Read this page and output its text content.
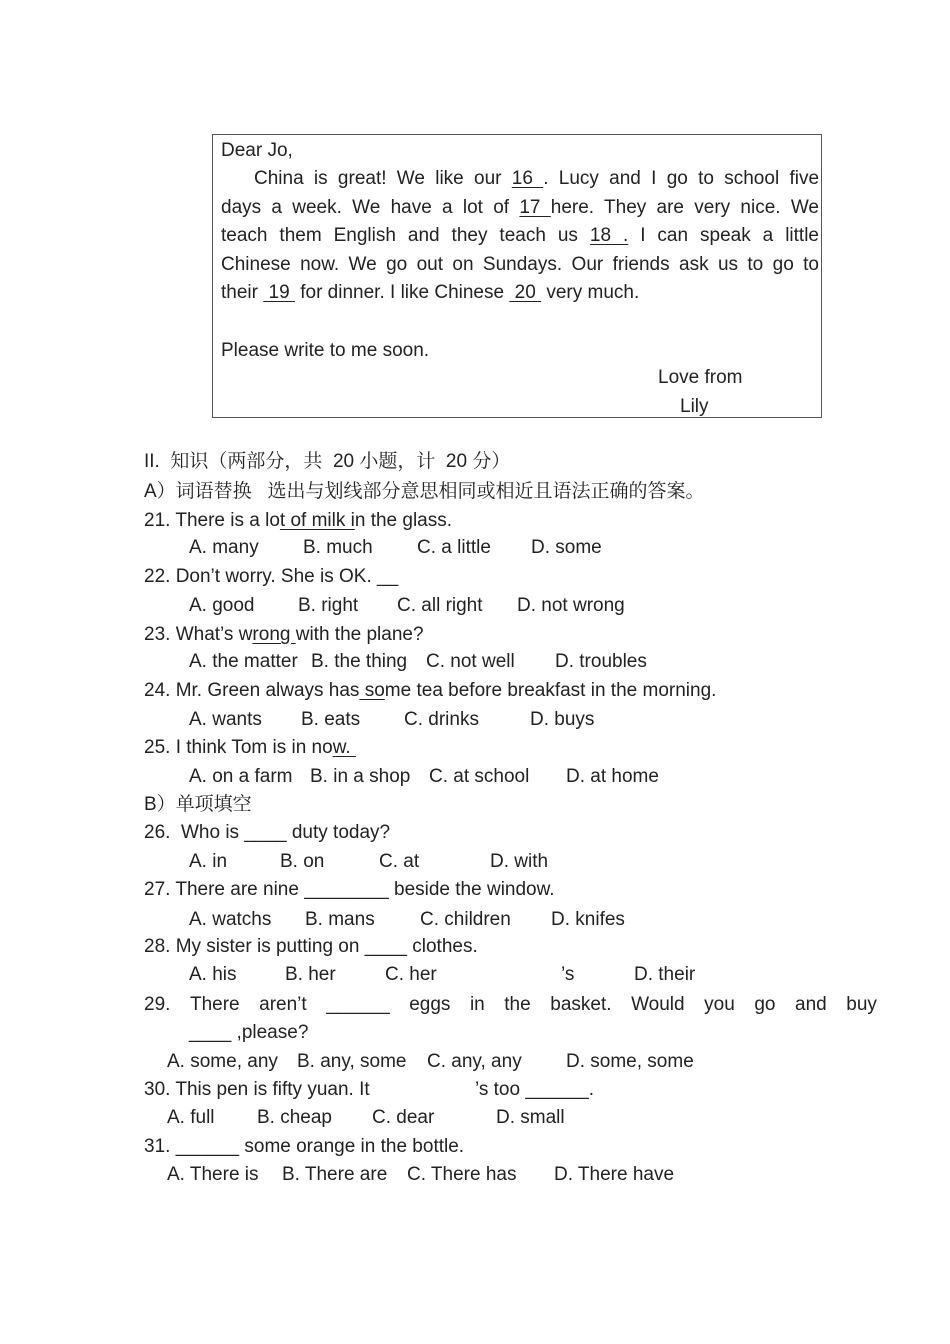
Dear Jo,
China is great! We like our 16 . Lucy and I go to school five
days a week. We have a lot of 17 here. They are very nice. We
teach them English and they teach us 18 . I can speak a little
Chinese now. We go out on Sundays. Our friends ask us to go to
their  19  for dinner. I like Chinese  20  very much.
Please write to me soon.
Love from
Lily
II.  知识（两部分，共  20 小题，计  20 分）
A）词语替换   选出与划线部分意思相同或相近且语法正确的答案。
21. There is a lot of milk in the glass.
A. many B. much C. a little D. some
22. Don’t worry. She is OK. __
A. good B. right C. all right D. not wrong
23. What’s wrong with the plane?
A. the matter B. the thing C. not well D. troubles
24. Mr. Green always has some tea before breakfast in the morning.
A. wants B. eats C. drinks	D. buys
25. I think Tom is in now.
A. on a farm B. in a shop C. at school D. at home
B）单项填空
26.  Who is ____ duty today?
A. in	B. on	C. at	D. with
27. There are nine ________ beside the window.
A. watchs B. mans C. children D. knifes
28. My sister is putting on ____ clothes.
A. his	B. her	C. her	’s	D. their
29. There aren’t ______ eggs in the basket. Would you go and buy
____ ,please?
A. some, any B. any, some C. any, any D. some, some
30. This pen is fifty yuan. It	’s too ______.
A. full B. cheap C. dear	D. small
31. ______ some orange in the bottle.
A. There is B. There are C. There has D. There have
